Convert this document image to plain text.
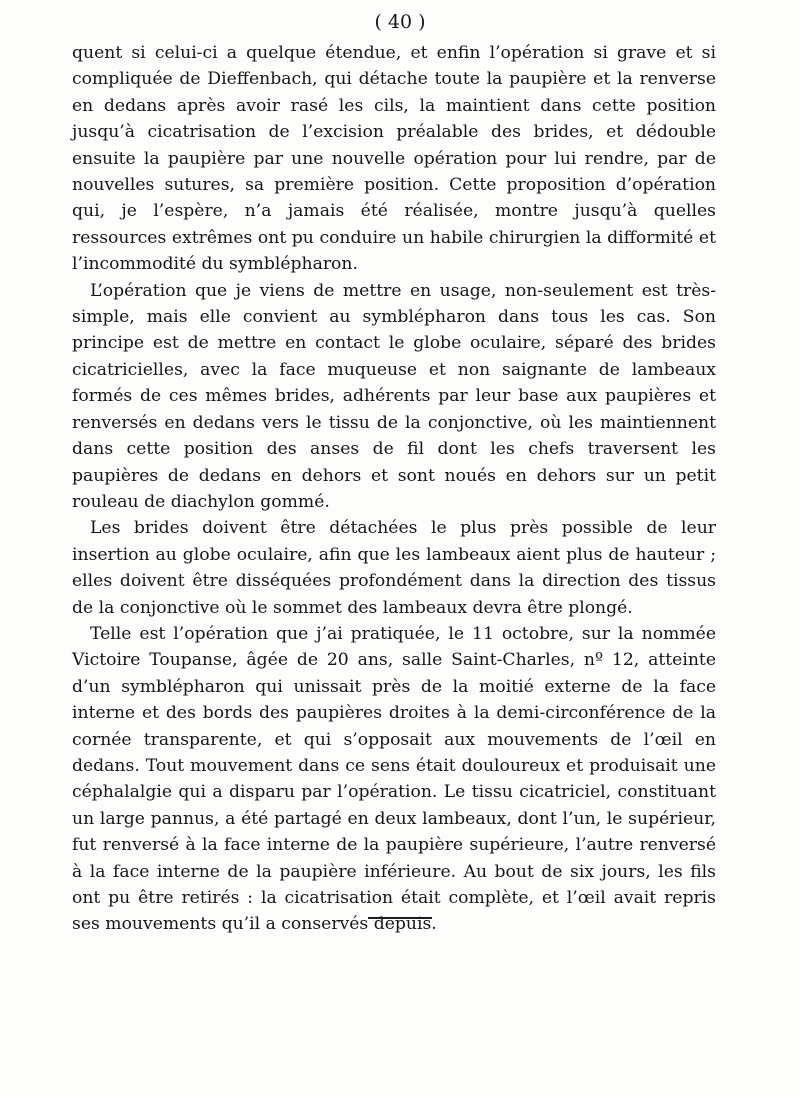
( 40 )

quent si celui-ci a quelque étendue, et enfin l’opération si grave et si compliquée de Dieffenbach, qui détache toute la paupière et la renverse en dedans après avoir rasé les cils, la maintient dans cette position jusqu’à cicatrisation de l’excision préalable des brides, et dédouble ensuite la paupière par une nouvelle opération pour lui rendre, par de nouvelles sutures, sa première position. Cette proposition d’opération qui, je l’espère, n’a jamais été réalisée, montre jusqu’à quelles ressources extrêmes ont pu conduire un habile chirurgien la difformité et l’incommodité du symblépharon.

L’opération que je viens de mettre en usage, non-seulement est très-simple, mais elle convient au symblépharon dans tous les cas. Son principe est de mettre en contact le globe oculaire, séparé des brides cicatricielles, avec la face muqueuse et non saignante de lambeaux formés de ces mêmes brides, adhérents par leur base aux paupières et renversés en dedans vers le tissu de la conjonctive, où les maintiennent dans cette position des anses de fil dont les chefs traversent les paupières de dedans en dehors et sont noués en dehors sur un petit rouleau de diachylon gommé.

Les brides doivent être détachées le plus près possible de leur insertion au globe oculaire, afin que les lambeaux aient plus de hauteur ; elles doivent être disséquées profondément dans la direction des tissus de la conjonctive où le sommet des lambeaux devra être plongé.

Telle est l’opération que j’ai pratiquée, le 11 octobre, sur la nommée Victoire Toupanse, âgée de 20 ans, salle Saint-Charles, nº 12, atteinte d’un symblépharon qui unissait près de la moitié externe de la face interne et des bords des paupières droites à la demi-circonférence de la cornée transparente, et qui s’opposait aux mouvements de l’œil en dedans. Tout mouvement dans ce sens était douloureux et produisait une céphalalgie qui a disparu par l’opération. Le tissu cicatriciel, constituant un large pannus, a été partagé en deux lambeaux, dont l’un, le supérieur, fut renversé à la face interne de la paupière supérieure, l’autre renversé à la face interne de la paupière inférieure. Au bout de six jours, les fils ont pu être retirés : la cicatrisation était complète, et l’œil avait repris ses mouvements qu’il a conservés depuis.
